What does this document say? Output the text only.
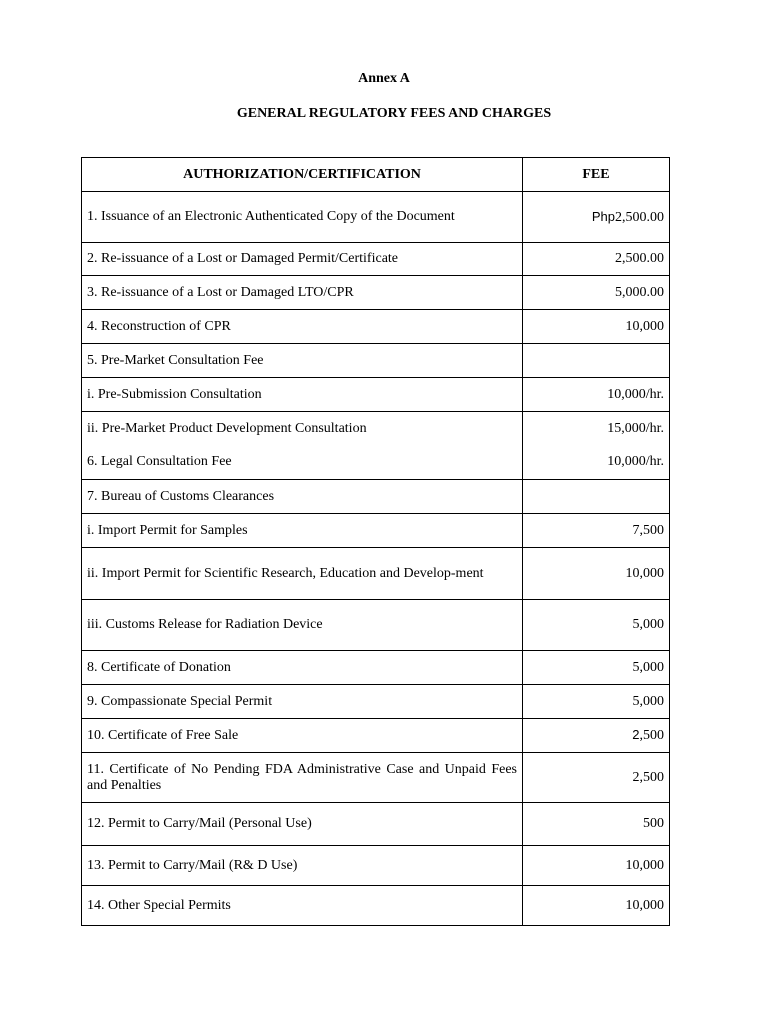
Annex A
GENERAL REGULATORY FEES AND CHARGES
AUTHORIZATION/CERTIFICATION	FEE
1. Issuance of an Electronic Authenticated Copy of the Document	Php2,500.00
2. Re-issuance of a Lost or Damaged Permit/Certificate	2,500.00
3. Re-issuance of a Lost or Damaged LTO/CPR	5,000.00
4. Reconstruction of CPR	10,000
5. Pre-Market Consultation Fee	
i. Pre-Submission Consultation	10,000/hr.
ii. Pre-Market Product Development Consultation	15,000/hr.
6. Legal Consultation Fee	10,000/hr.
7. Bureau of Customs Clearances	
i. Import Permit for Samples	7,500
ii. Import Permit for Scientific Research, Education and Develop-ment	10,000
iii. Customs Release for Radiation Device	5,000
8. Certificate of Donation	5,000
9. Compassionate Special Permit	5,000
10. Certificate of Free Sale	2,500
11. Certificate of No Pending FDA Administrative Case and Unpaid Fees and Penalties	2,500
12. Permit to Carry/Mail (Personal Use)	500
13. Permit to Carry/Mail (R& D Use)	10,000
14. Other Special Permits	10,000
